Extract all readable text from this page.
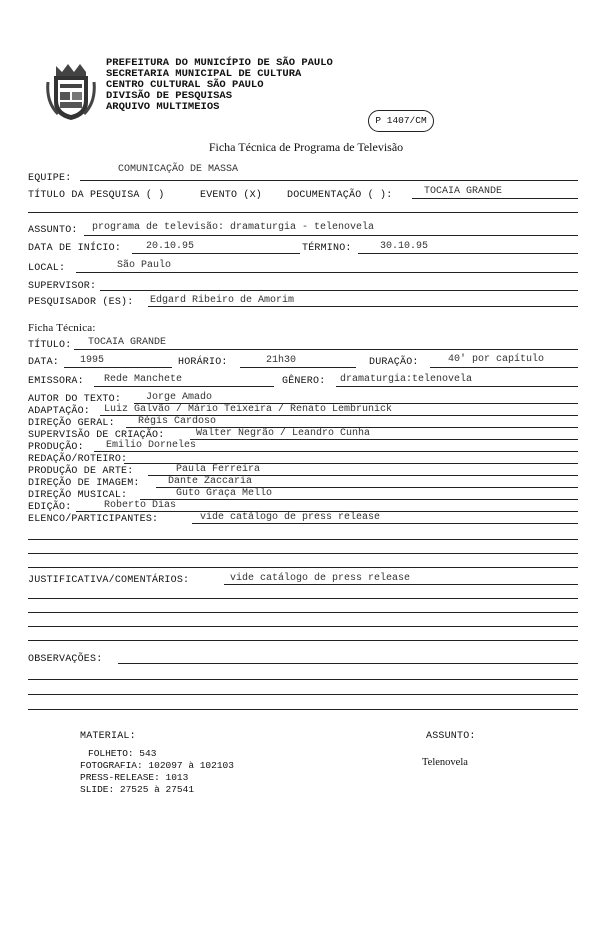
PREFEITURA DO MUNICÍPIO DE SÃO PAULO
SECRETARIA MUNICIPAL DE CULTURA
CENTRO CULTURAL SÃO PAULO
DIVISÃO DE PESQUISAS
ARQUIVO MULTIMEIOS
P 1407/CM
Ficha Técnica de Programa de Televisão
EQUIPE:
COMUNICAÇÃO DE MASSA
TÍTULO DA PESQUISA ( )	EVENTO (X) DOCUMENTAÇÃO ( ):	TOCAIA GRANDE
ASSUNTO: programa de televisão: dramaturgia - telenovela
DATA DE INÍCIO: 20.10.95	TÉRMINO:	30.10.95
LOCAL:	São Paulo
SUPERVISOR:
PESQUISADOR (ES): Edgard Ribeiro de Amorim
Ficha Técnica:
TÍTULO: TOCAIA GRANDE
DATA: 1995	HORÁRIO:	21h30	DURAÇÃO:	40' por capítulo
EMISSORA: Rede Manchete	GÊNERO: dramaturgia:telenovela
AUTOR DO TEXTO: Jorge Amado
ADAPTAÇÃO: Luiz Galvão / Mário Teixeira / Renato Lembrunick
DIREÇÃO GERAL: Régis Cardoso
SUPERVISÃO DE CRIAÇÃO:	Walter Negrão / Leandro Cunha
PRODUÇÃO: Emilio Dorneles
REDAÇÃO/ROTEIRO:
PRODUÇÃO DE ARTE:	Paula Ferreira
DIREÇÃO DE IMAGEM:	Dante Zaccaria
DIREÇÃO MUSICAL:	Guto Graça Mello
EDIÇÃO:	Roberto Dias
ELENCO/PARTICIPANTES:	vide catálogo de press release
JUSTIFICATIVA/COMENTÁRIOS:	vide catálogo de press release
OBSERVAÇÕES:
MATERIAL:
FOLHETO: 543
FOTOGRAFIA: 102097 à 102103
PRESS-RELEASE: 1013
SLIDE: 27525 à 27541
ASSUNTO:
Telenovela
